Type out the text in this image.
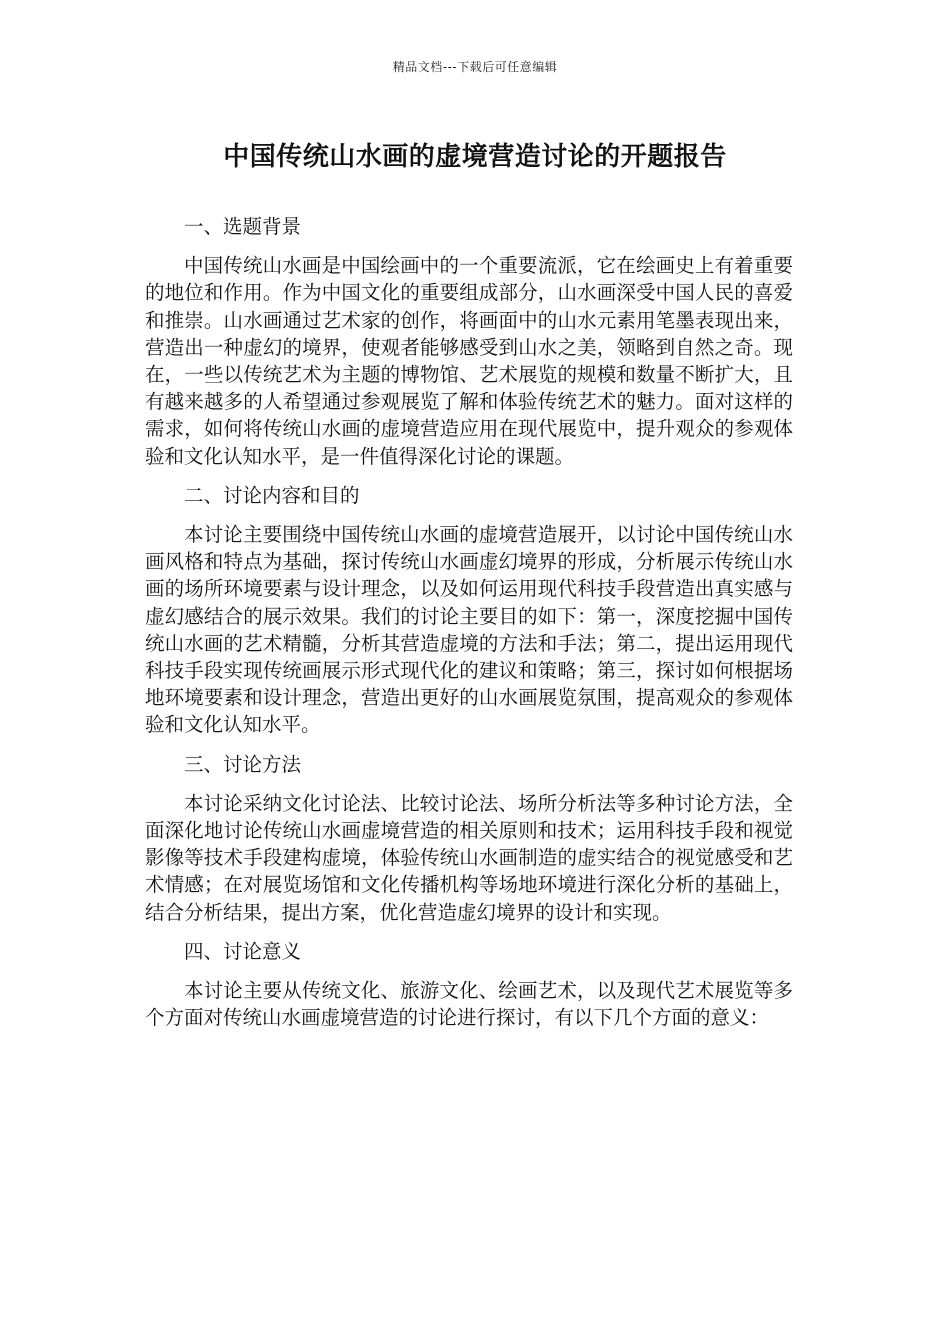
精品文档---下载后可任意编辑
中国传统山水画的虚境营造讨论的开题报告
一、选题背景

中国传统山水画是中国绘画中的一个重要流派，它在绘画史上有着重要的地位和作用。作为中国文化的重要组成部分，山水画深受中国人民的喜爱和推崇。山水画通过艺术家的创作，将画面中的山水元素用笔墨表现出来，营造出一种虚幻的境界，使观者能够感受到山水之美，领略到自然之奇。现在，一些以传统艺术为主题的博物馆、艺术展览的规模和数量不断扩大，且有越来越多的人希望通过参观展览了解和体验传统艺术的魅力。面对这样的需求，如何将传统山水画的虚境营造应用在现代展览中，提升观众的参观体验和文化认知水平，是一件值得深化讨论的课题。

二、讨论内容和目的

本讨论主要围绕中国传统山水画的虚境营造展开，以讨论中国传统山水画风格和特点为基础，探讨传统山水画虚幻境界的形成，分析展示传统山水画的场所环境要素与设计理念，以及如何运用现代科技手段营造出真实感与虚幻感结合的展示效果。我们的讨论主要目的如下：第一，深度挖掘中国传统山水画的艺术精髓，分析其营造虚境的方法和手法；第二，提出运用现代科技手段实现传统画展示形式现代化的建议和策略；第三，探讨如何根据场地环境要素和设计理念，营造出更好的山水画展览氛围，提高观众的参观体验和文化认知水平。

三、讨论方法

本讨论采纳文化讨论法、比较讨论法、场所分析法等多种讨论方法，全面深化地讨论传统山水画虚境营造的相关原则和技术；运用科技手段和视觉影像等技术手段建构虚境，体验传统山水画制造的虚实结合的视觉感受和艺术情感；在对展览场馆和文化传播机构等场地环境进行深化分析的基础上，结合分析结果，提出方案，优化营造虚幻境界的设计和实现。

四、讨论意义

本讨论主要从传统文化、旅游文化、绘画艺术，以及现代艺术展览等多个方面对传统山水画虚境营造的讨论进行探讨，有以下几个方面的意义：
